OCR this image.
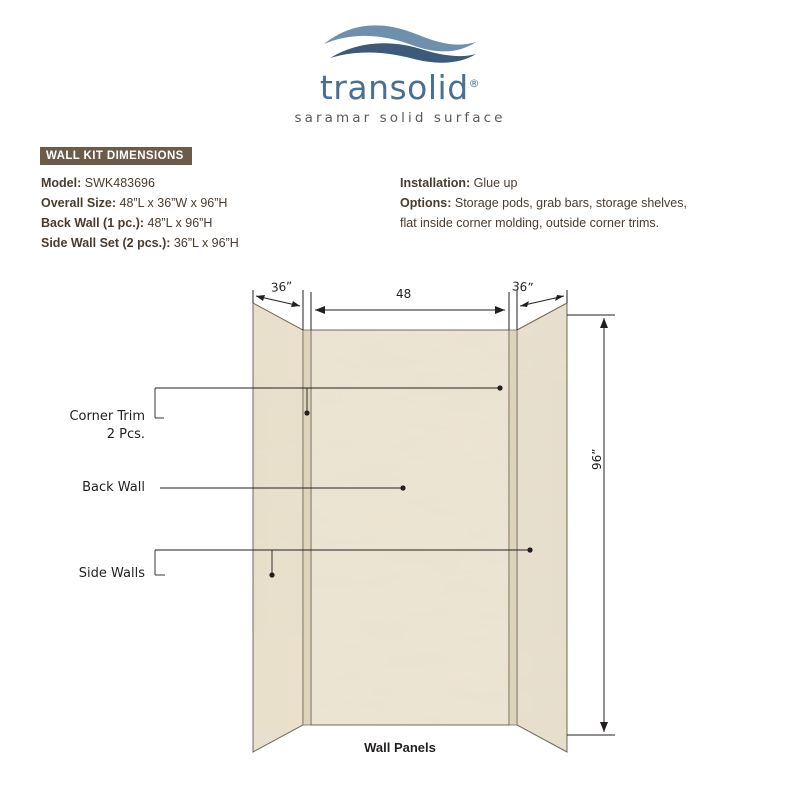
transolid®
saramar solid surface
WALL KIT DIMENSIONS
Model: SWK483696
Overall Size: 48”L x 36”W x 96”H
Back Wall (1 pc.): 48”L x 96”H
Side Wall Set (2 pcs.): 36”L x 96”H
Installation: Glue up
Options: Storage pods, grab bars, storage shelves, flat inside corner molding, outside corner trims.
36”	48	36”
96”
Corner Trim
2 Pcs.
Back Wall
Side Walls
Wall Panels
